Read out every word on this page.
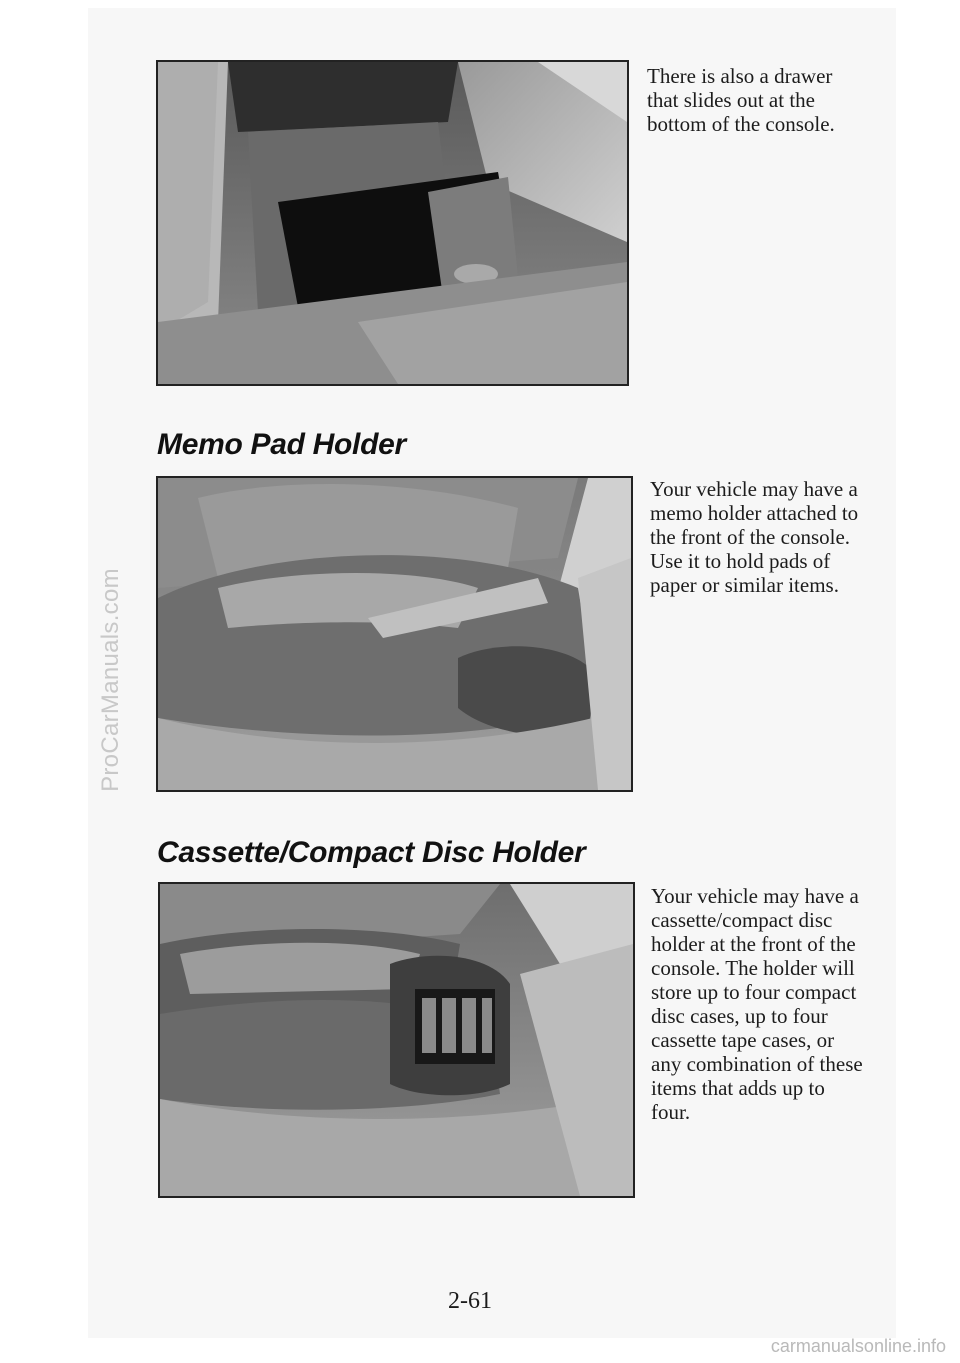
ProCarManuals.com

There is also a drawer that slides out at the bottom of the console.

Memo Pad Holder

Your vehicle may have a memo holder attached to the front of the console. Use it to hold pads of paper or similar items.

Cassette/Compact Disc Holder

Your vehicle may have a cassette/compact disc holder at the front of the console. The holder will store up to four compact disc cases, up to four cassette tape cases, or any combination of these items that adds up to four.

2-61
carmanualsonline.info
